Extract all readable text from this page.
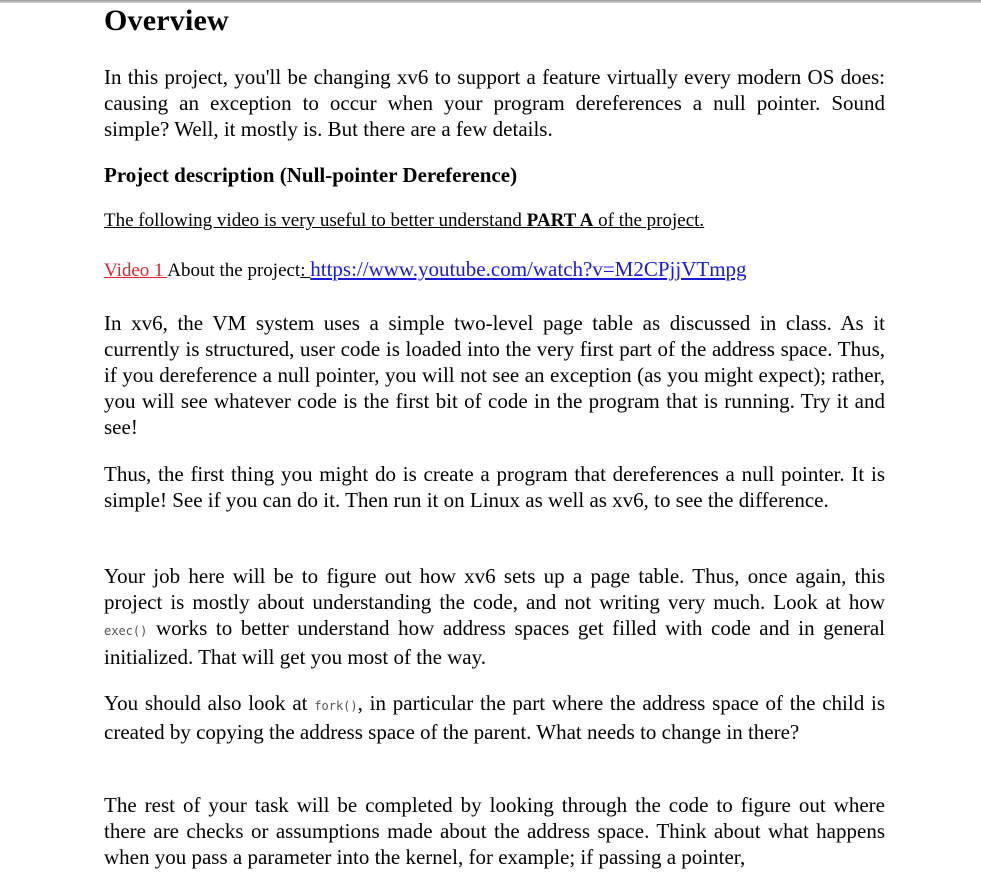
Overview

In this project, you'll be changing xv6 to support a feature virtually every modern OS does: causing an exception to occur when your program dereferences a null pointer. Sound simple? Well, it mostly is. But there are a few details.

Project description (Null-pointer Dereference)

The following video is very useful to better understand PART A of the project.

Video 1 About the project: https://www.youtube.com/watch?v=M2CPjjVTmpg

In xv6, the VM system uses a simple two-level page table as discussed in class. As it currently is structured, user code is loaded into the very first part of the address space. Thus, if you dereference a null pointer, you will not see an exception (as you might expect); rather, you will see whatever code is the first bit of code in the program that is running. Try it and see!

Thus, the first thing you might do is create a program that dereferences a null pointer. It is simple! See if you can do it. Then run it on Linux as well as xv6, to see the difference.

Your job here will be to figure out how xv6 sets up a page table. Thus, once again, this project is mostly about understanding the code, and not writing very much. Look at how exec() works to better understand how address spaces get filled with code and in general initialized. That will get you most of the way.

You should also look at fork(), in particular the part where the address space of the child is created by copying the address space of the parent. What needs to change in there?

The rest of your task will be completed by looking through the code to figure out where there are checks or assumptions made about the address space. Think about what happens when you pass a parameter into the kernel, for example; if passing a pointer,
